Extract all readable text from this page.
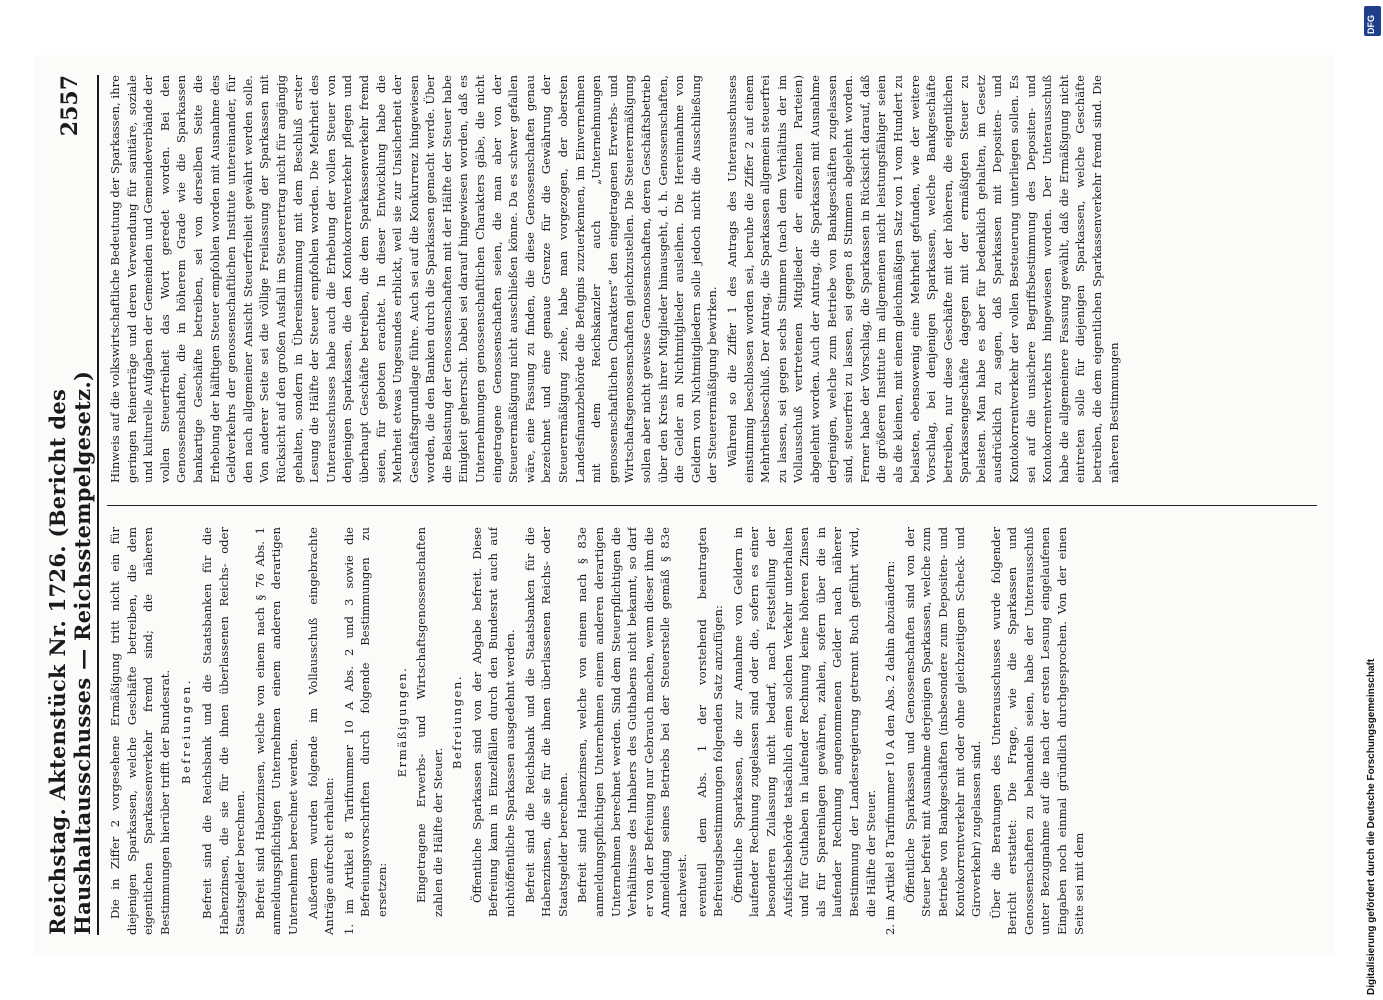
Reichstag. Aktenstück Nr. 1726. (Bericht des Haushaltausschusses — Reichsstempelgesetz.)
2557

Die in Ziffer 2 vorgesehene Ermäßigung tritt nicht ein für diejenigen Sparkassen, welche Geschäfte betreiben, die dem eigentlichen Sparkassenverkehr fremd sind; die näheren Bestimmungen hierüber trifft der Bundesrat. Befreiungen. Befreit sind die Reichsbank und die Staatsbanken für die Habenzinsen, die sie für die ihnen überlassenen Reichs- oder Staatsgelder berechnen. Befreit sind Habenzinsen, welche von einem nach § 76 Abs. 1 anmeldungspflichtigen Unternehmen einem anderen derartigen Unternehmen berechnet werden. Außerdem wurden folgende im Vollausschuß eingebrachte Anträge aufrecht erhalten: 1. im Artikel 8 Tarifnummer 10 A Abs. 2 und 3 sowie die Befreiungsvorschriften durch folgende Bestimmungen zu ersetzen:

Ermäßigungen. Eingetragene Erwerbs- und Wirtschaftsgenossenschaften zahlen die Hälfte der Steuer.

Befreiungen. Öffentliche Sparkassen sind von der Abgabe befreit. Diese Befreiung kann in Einzelfällen durch den Bundesrat auch auf nichtöffentliche Sparkassen ausgedehnt werden. Befreit sind die Reichsbank und die Staatsbanken für die Habenzinsen, die sie für die ihnen überlassenen Reichs- oder Staatsgelder berechnen. Befreit sind Habenzinsen, welche von einem nach § 83e anmeldungspflichtigen Unternehmen einem anderen derartigen Unternehmen berechnet werden. Sind dem Steuerpflichtigen die Verhältnisse des Inhabers des Guthabens nicht bekannt, so darf er von der Befreiung nur Gebrauch machen, wenn dieser ihm die Anmeldung seines Betriebs bei der Steuerstelle gemäß § 83e nachweist. eventuell dem Abs. 1 der vorstehend beantragten Befreiungsbestimmungen folgenden Satz anzufügen: Öffentliche Sparkassen, die zur Annahme von Geldern in laufender Rechnung zugelassen sind oder die, sofern es einer besonderen Zulassung nicht bedarf, nach Feststellung der Aufsichtsbehörde tatsächlich einen solchen Verkehr unterhalten und für Guthaben in laufender Rechnung keine höheren Zinsen als für Spareinlagen gewähren, zahlen, sofern über die in laufender Rechnung angenommenen Gelder nach näherer Bestimmung der Landesregierung getrennt Buch geführt wird, die Hälfte der Steuer. 2. im Artikel 8 Tarifnummer 10 A den Abs. 2 dahin abzuändern: Öffentliche Sparkassen und Genossenschaften sind von der Steuer befreit mit Ausnahme derjenigen Sparkassen, welche zum Betriebe von Bankgeschäften (insbesondere zum Depositen- und Kontokorrentverkehr mit oder ohne gleichzeitigem Scheck- und Giroverkehr) zugelassen sind. Über die Beratungen des Unterausschusses wurde folgender Bericht erstattet: Die Frage, wie die Sparkassen und Genossenschaften zu behandeln seien, habe der Unterausschuß unter Bezugnahme auf die nach der ersten Lesung eingelaufenen Eingaben noch einmal gründlich durchgesprochen. Von der einen Seite sei mit dem

Hinweis auf die volkswirtschaftliche Bedeutung der Sparkassen, ihre geringen Reinerträge und deren Verwendung für sanitäre, soziale und kulturelle Aufgaben der Gemeinden und Gemeindeverbände der vollen Steuerfreiheit das Wort geredet worden. Bei den Genossenschaften, die in höherem Grade wie die Sparkassen bankartige Geschäfte betreiben, sei von derselben Seite die Erhebung der hälftigen Steuer empfohlen worden mit Ausnahme des Geldverkehrs der genossenschaftlichen Institute untereinander, für den nach allgemeiner Ansicht Steuerfreiheit gewährt werden solle. Von anderer Seite sei die völlige Freilassung der Sparkassen mit Rücksicht auf den großen Ausfall im Steuerertrag nicht für angängig gehalten, sondern in Übereinstimmung mit dem Beschluß erster Lesung die Hälfte der Steuer empfohlen worden. Die Mehrheit des Unterausschusses habe auch die Erhebung der vollen Steuer von denjenigen Sparkassen, die den Kontokorrentverkehr pflegen und überhaupt Geschäfte betreiben, die dem Sparkassenverkehr fremd seien, für geboten erachtet. In dieser Entwicklung habe die Mehrheit etwas Ungesundes erblickt, weil sie zur Unsicherheit der Geschäftsgrundlage führe. Auch sei auf die Konkurrenz hingewiesen worden, die den Banken durch die Sparkassen gemacht werde. Über die Belastung der Genossenschaften mit der Hälfte der Steuer habe Einigkeit geherrscht. Dabei sei darauf hingewiesen worden, daß es Unternehmungen genossenschaftlichen Charakters gäbe, die nicht eingetragene Genossenschaften seien, die man aber von der Steuerermäßigung nicht ausschließen könne. Da es schwer gefallen wäre, eine Fassung zu finden, die diese Genossenschaften genau bezeichnet und eine genaue Grenze für die Gewährung der Steuerermäßigung ziehe, habe man vorgezogen, der obersten Landesfinanzbehörde die Befugnis zuzuerkennen, im Einvernehmen mit dem Reichskanzler auch „Unternehmungen genossenschaftlichen Charakters“ den eingetragenen Erwerbs- und Wirtschaftsgenossenschaften gleichzustellen. Die Steuerermäßigung sollen aber nicht gewisse Genossenschaften, deren Geschäftsbetrieb über den Kreis ihrer Mitglieder hinausgeht, d. h. Genossenschaften, die Gelder an Nichtmitglieder ausleihen. Die Hereinnahme von Geldern von Nichtmitgliedern solle jedoch nicht die Ausschließung der Steuerermäßigung bewirken. Während so die Ziffer 1 des Antrags des Unterausschusses einstimmig beschlossen worden sei, beruhe die Ziffer 2 auf einem Mehrheitsbeschluß. Der Antrag, die Sparkassen allgemein steuerfrei zu lassen, sei gegen sechs Stimmen (nach dem Verhältnis der im Vollausschuß vertretenen Mitglieder der einzelnen Parteien) abgelehnt worden. Auch der Antrag, die Sparkassen mit Ausnahme derjenigen, welche zum Betriebe von Bankgeschäften zugelassen sind, steuerfrei zu lassen, sei gegen 8 Stimmen abgelehnt worden. Ferner habe der Vorschlag, die Sparkassen in Rücksicht darauf, daß die größeren Institute im allgemeinen nicht leistungsfähiger seien als die kleinen, mit einem gleichmäßigen Satz von 1 vom Hundert zu belasten, ebensowenig eine Mehrheit gefunden, wie der weitere Vorschlag, bei denjenigen Sparkassen, welche Bankgeschäfte betreiben, nur diese Geschäfte mit der höheren, die eigentlichen Sparkassengeschäfte dagegen mit der ermäßigten Steuer zu belasten. Man habe es aber für bedenklich gehalten, im Gesetz ausdrücklich zu sagen, daß Sparkassen mit Depositen- und Kontokorrentverkehr der vollen Besteuerung unterliegen sollen. Es sei auf die unsichere Begriffsbestimmung des Depositen- und Kontokorrentverkehrs hingewiesen worden. Der Unterausschuß habe die allgemeinere Fassung gewählt, daß die Ermäßigung nicht eintreten solle für diejenigen Sparkassen, welche Geschäfte betreiben, die dem eigentlichen Sparkassenverkehr fremd sind. Die näheren Bestimmungen

Digitalisierung gefördert durch die Deutsche Forschungsgemeinschaft
DFG
